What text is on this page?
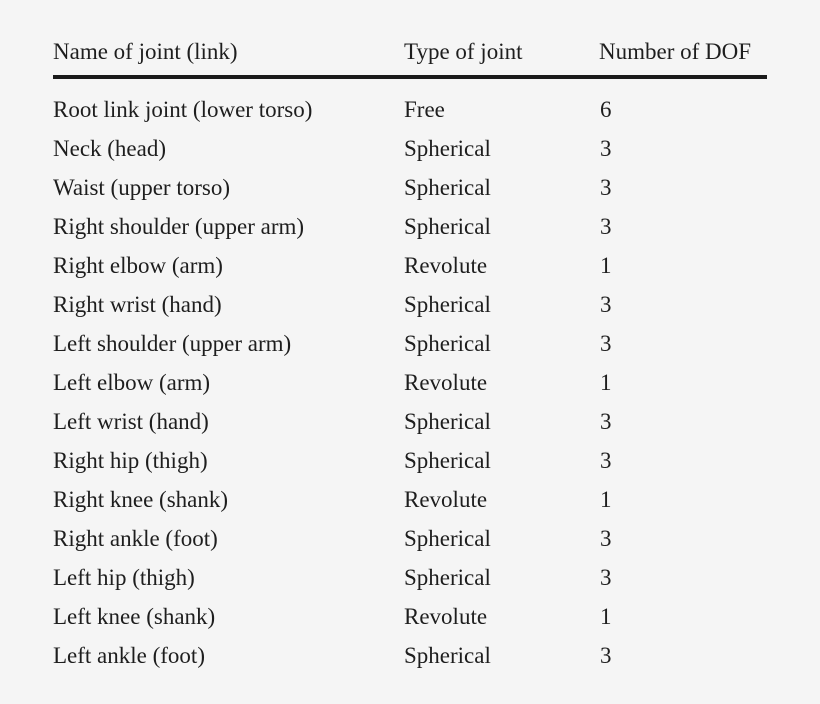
Name of joint (link)	Type of joint	Number of DOF
Root link joint (lower torso)	Free	6
Neck (head)	Spherical	3
Waist (upper torso)	Spherical	3
Right shoulder (upper arm)	Spherical	3
Right elbow (arm)	Revolute	1
Right wrist (hand)	Spherical	3
Left shoulder (upper arm)	Spherical	3
Left elbow (arm)	Revolute	1
Left wrist (hand)	Spherical	3
Right hip (thigh)	Spherical	3
Right knee (shank)	Revolute	1
Right ankle (foot)	Spherical	3
Left hip (thigh)	Spherical	3
Left knee (shank)	Revolute	1
Left ankle (foot)	Spherical	3
